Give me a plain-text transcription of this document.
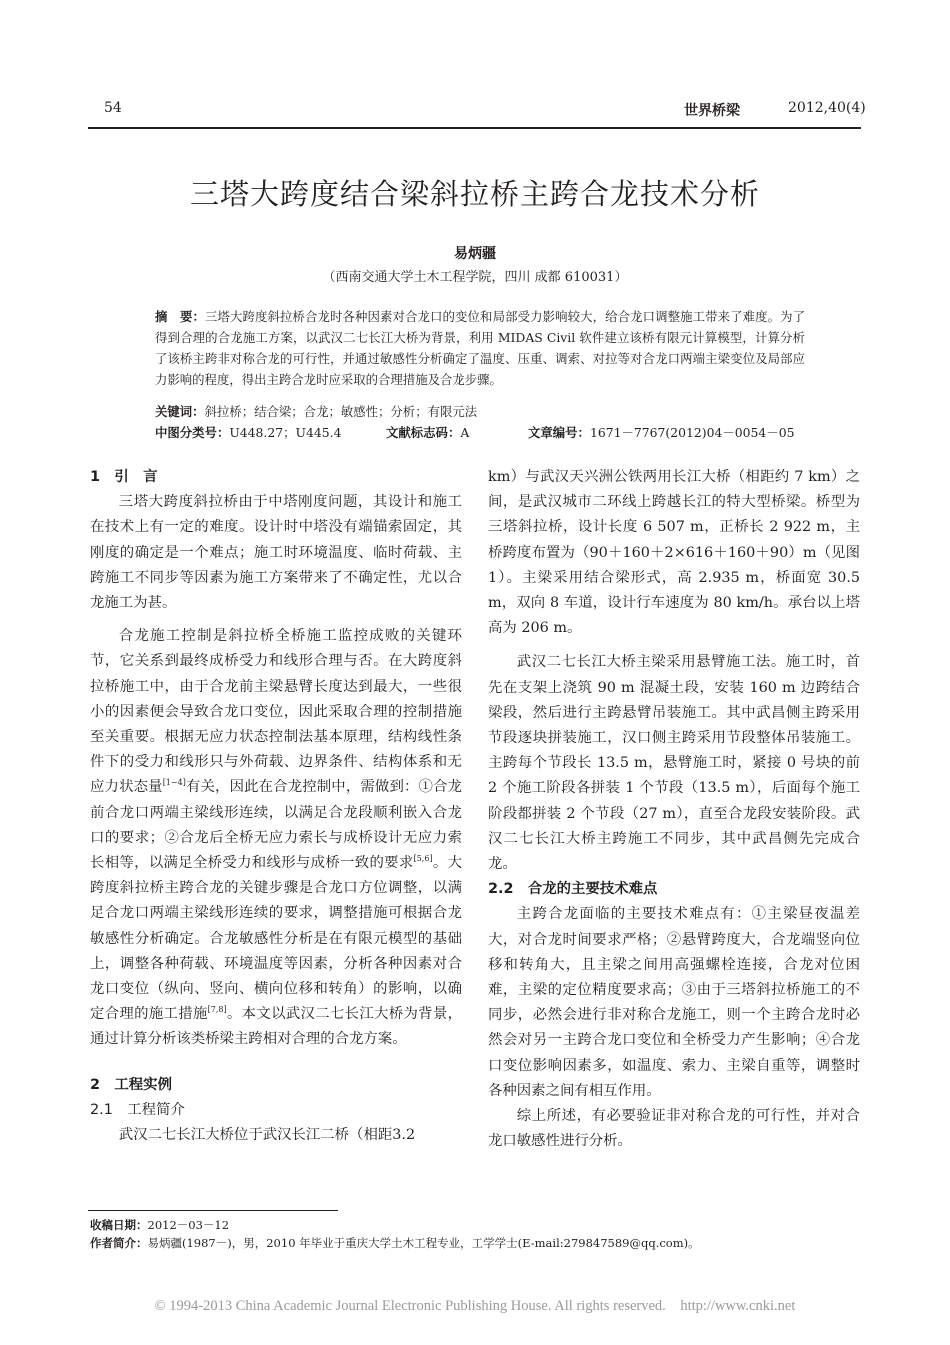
54	世界桥梁	2012,40(4)
三塔大跨度结合梁斜拉桥主跨合龙技术分析
易炳疆
（西南交通大学土木工程学院，四川 成都 610031）
摘　要：三塔大跨度斜拉桥合龙时各种因素对合龙口的变位和局部受力影响较大，给合龙口调整施工带来了难度。为了得到合理的合龙施工方案，以武汉二七长江大桥为背景，利用 MIDAS Civil 软件建立该桥有限元计算模型，计算分析了该桥主跨非对称合龙的可行性，并通过敏感性分析确定了温度、压重、调索、对拉等对合龙口两端主梁变位及局部应力影响的程度，得出主跨合龙时应采取的合理措施及合龙步骤。
关键词：斜拉桥；结合梁；合龙；敏感性；分析；有限元法
中图分类号：U448.27；U445.4	文献标志码：A	文章编号：1671－7767(2012)04－0054－05
1　引　言

三塔大跨度斜拉桥由于中塔刚度问题，其设计和施工在技术上有一定的难度。设计时中塔没有端锚索固定，其刚度的确定是一个难点；施工时环境温度、临时荷载、主跨施工不同步等因素为施工方案带来了不确定性，尤以合龙施工为甚。

合龙施工控制是斜拉桥全桥施工监控成败的关键环节，它关系到最终成桥受力和线形合理与否。在大跨度斜拉桥施工中，由于合龙前主梁悬臂长度达到最大，一些很小的因素便会导致合龙口变位，因此采取合理的控制措施至关重要。根据无应力状态控制法基本原理，结构线性条件下的受力和线形只与外荷载、边界条件、结构体系和无应力状态量[1~4]有关，因此在合龙控制中，需做到：①合龙前合龙口两端主梁线形连续，以满足合龙段顺利嵌入合龙口的要求；②合龙后全桥无应力索长与成桥设计无应力索长相等，以满足全桥受力和线形与成桥一致的要求[5,6]。大跨度斜拉桥主跨合龙的关键步骤是合龙口方位调整，以满足合龙口两端主梁线形连续的要求，调整措施可根据合龙敏感性分析确定。合龙敏感性分析是在有限元模型的基础上，调整各种荷载、环境温度等因素，分析各种因素对合龙口变位（纵向、竖向、横向位移和转角）的影响，以确定合理的施工措施[7,8]。本文以武汉二七长江大桥为背景，通过计算分析该类桥梁主跨相对合理的合龙方案。

2　工程实例
2.1　工程简介

武汉二七长江大桥位于武汉长江二桥（相距3.2

km）与武汉天兴洲公铁两用长江大桥（相距约 7 km）之间，是武汉城市二环线上跨越长江的特大型桥梁。桥型为三塔斜拉桥，设计长度 6 507 m，正桥长 2 922 m，主桥跨度布置为（90＋160＋2×616＋160＋90）m（见图 1）。主梁采用结合梁形式，高 2.935 m，桥面宽 30.5 m，双向 8 车道，设计行车速度为 80 km/h。承台以上塔高为 206 m。

武汉二七长江大桥主梁采用悬臂施工法。施工时，首先在支架上浇筑 90 m 混凝土段，安装 160 m 边跨结合梁段，然后进行主跨悬臂吊装施工。其中武昌侧主跨采用节段逐块拼装施工，汉口侧主跨采用节段整体吊装施工。主跨每个节段长 13.5 m，悬臂施工时，紧接 0 号块的前 2 个施工阶段各拼装 1 个节段（13.5 m），后面每个施工阶段都拼装 2 个节段（27 m），直至合龙段安装阶段。武汉二七长江大桥主跨施工不同步，其中武昌侧先完成合龙。

2.2　合龙的主要技术难点

主跨合龙面临的主要技术难点有：①主梁昼夜温差大，对合龙时间要求严格；②悬臂跨度大，合龙端竖向位移和转角大，且主梁之间用高强螺栓连接，合龙对位困难，主梁的定位精度要求高；③由于三塔斜拉桥施工的不同步，必然会进行非对称合龙施工，则一个主跨合龙时必然会对另一主跨合龙口变位和全桥受力产生影响；④合龙口变位影响因素多，如温度、索力、主梁自重等，调整时各种因素之间有相互作用。

综上所述，有必要验证非对称合龙的可行性，并对合龙口敏感性进行分析。

收稿日期：2012－03－12
作者简介：易炳疆(1987－)，男，2010 年毕业于重庆大学土木工程专业，工学学士(E-mail:279847589@qq.com)。
© 1994-2013 China Academic Journal Electronic Publishing House. All rights reserved. http://www.cnki.net
